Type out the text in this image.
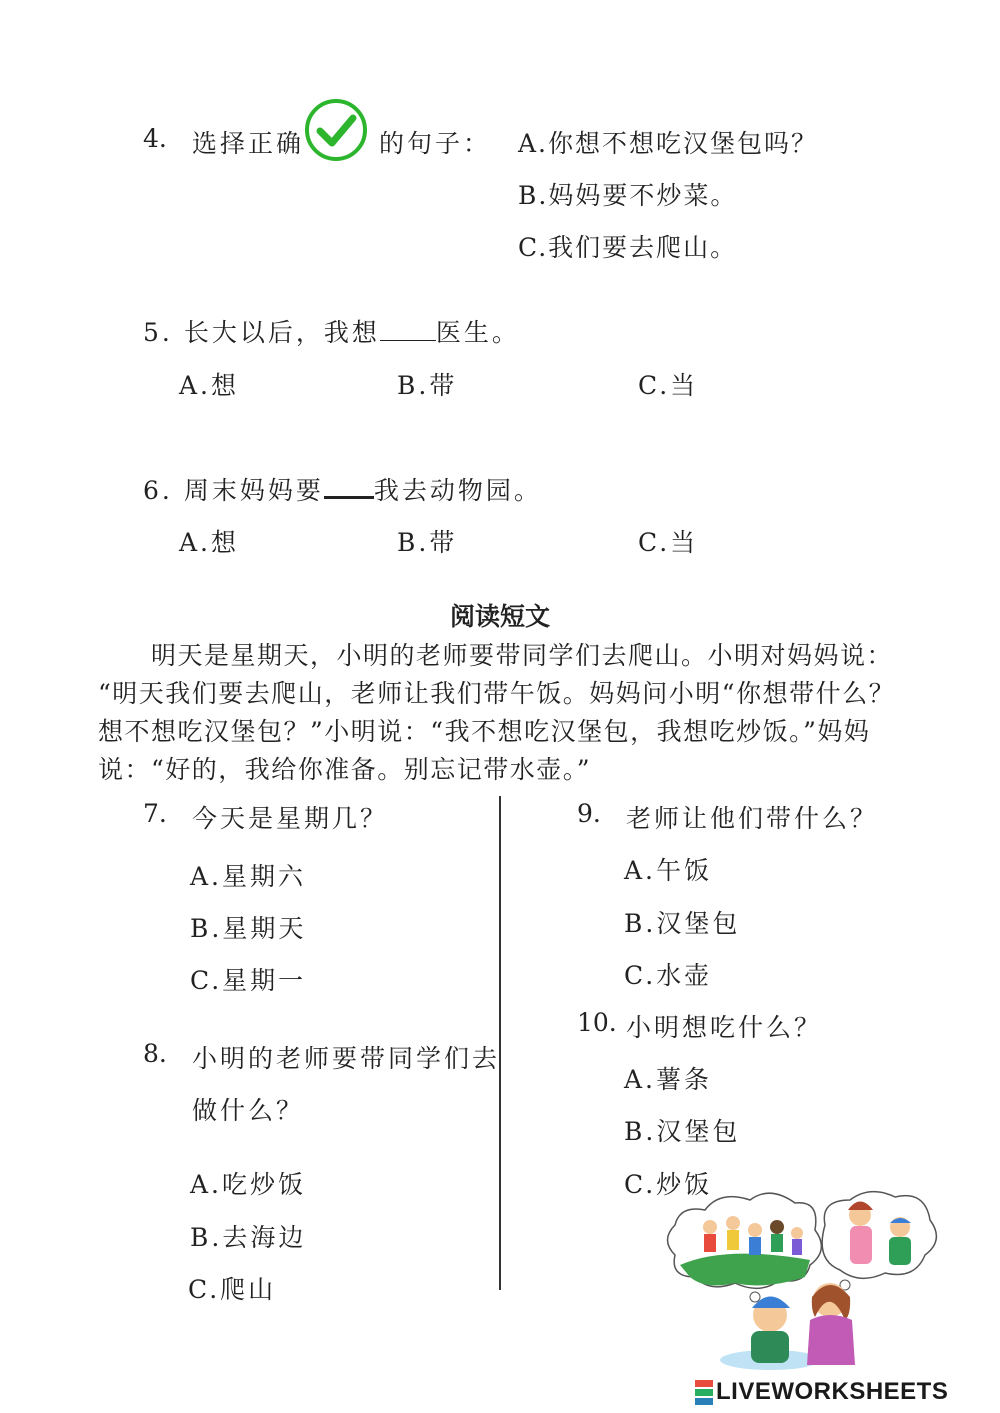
4. 选择正确	的句子： A.你想不想吃汉堡包吗？
B.妈妈要不炒菜。
C.我们要去爬山。
5. 长大以后，我想 医生。
A.想	B.带	C.当
6. 周末妈妈要 我去动物园。
A.想	B.带	C.当
阅读短文
　　明天是星期天，小明的老师要带同学们去爬山。小明对妈妈说：
“明天我们要去爬山，老师让我们带午饭。妈妈问小明“你想带什么？
想不想吃汉堡包？”小明说：“我不想吃汉堡包，我想吃炒饭。”妈妈
说：“好的，我给你准备。别忘记带水壶。”
7. 今天是星期几？
A.星期六
B.星期天
C.星期一
8. 小明的老师要带同学们去
做什么？
A.吃炒饭
B.去海边
C.爬山
9. 老师让他们带什么？
A.午饭
B.汉堡包
C.水壶
10. 小明想吃什么？
A.薯条
B.汉堡包
C.炒饭
LIVEWORKSHEETS
